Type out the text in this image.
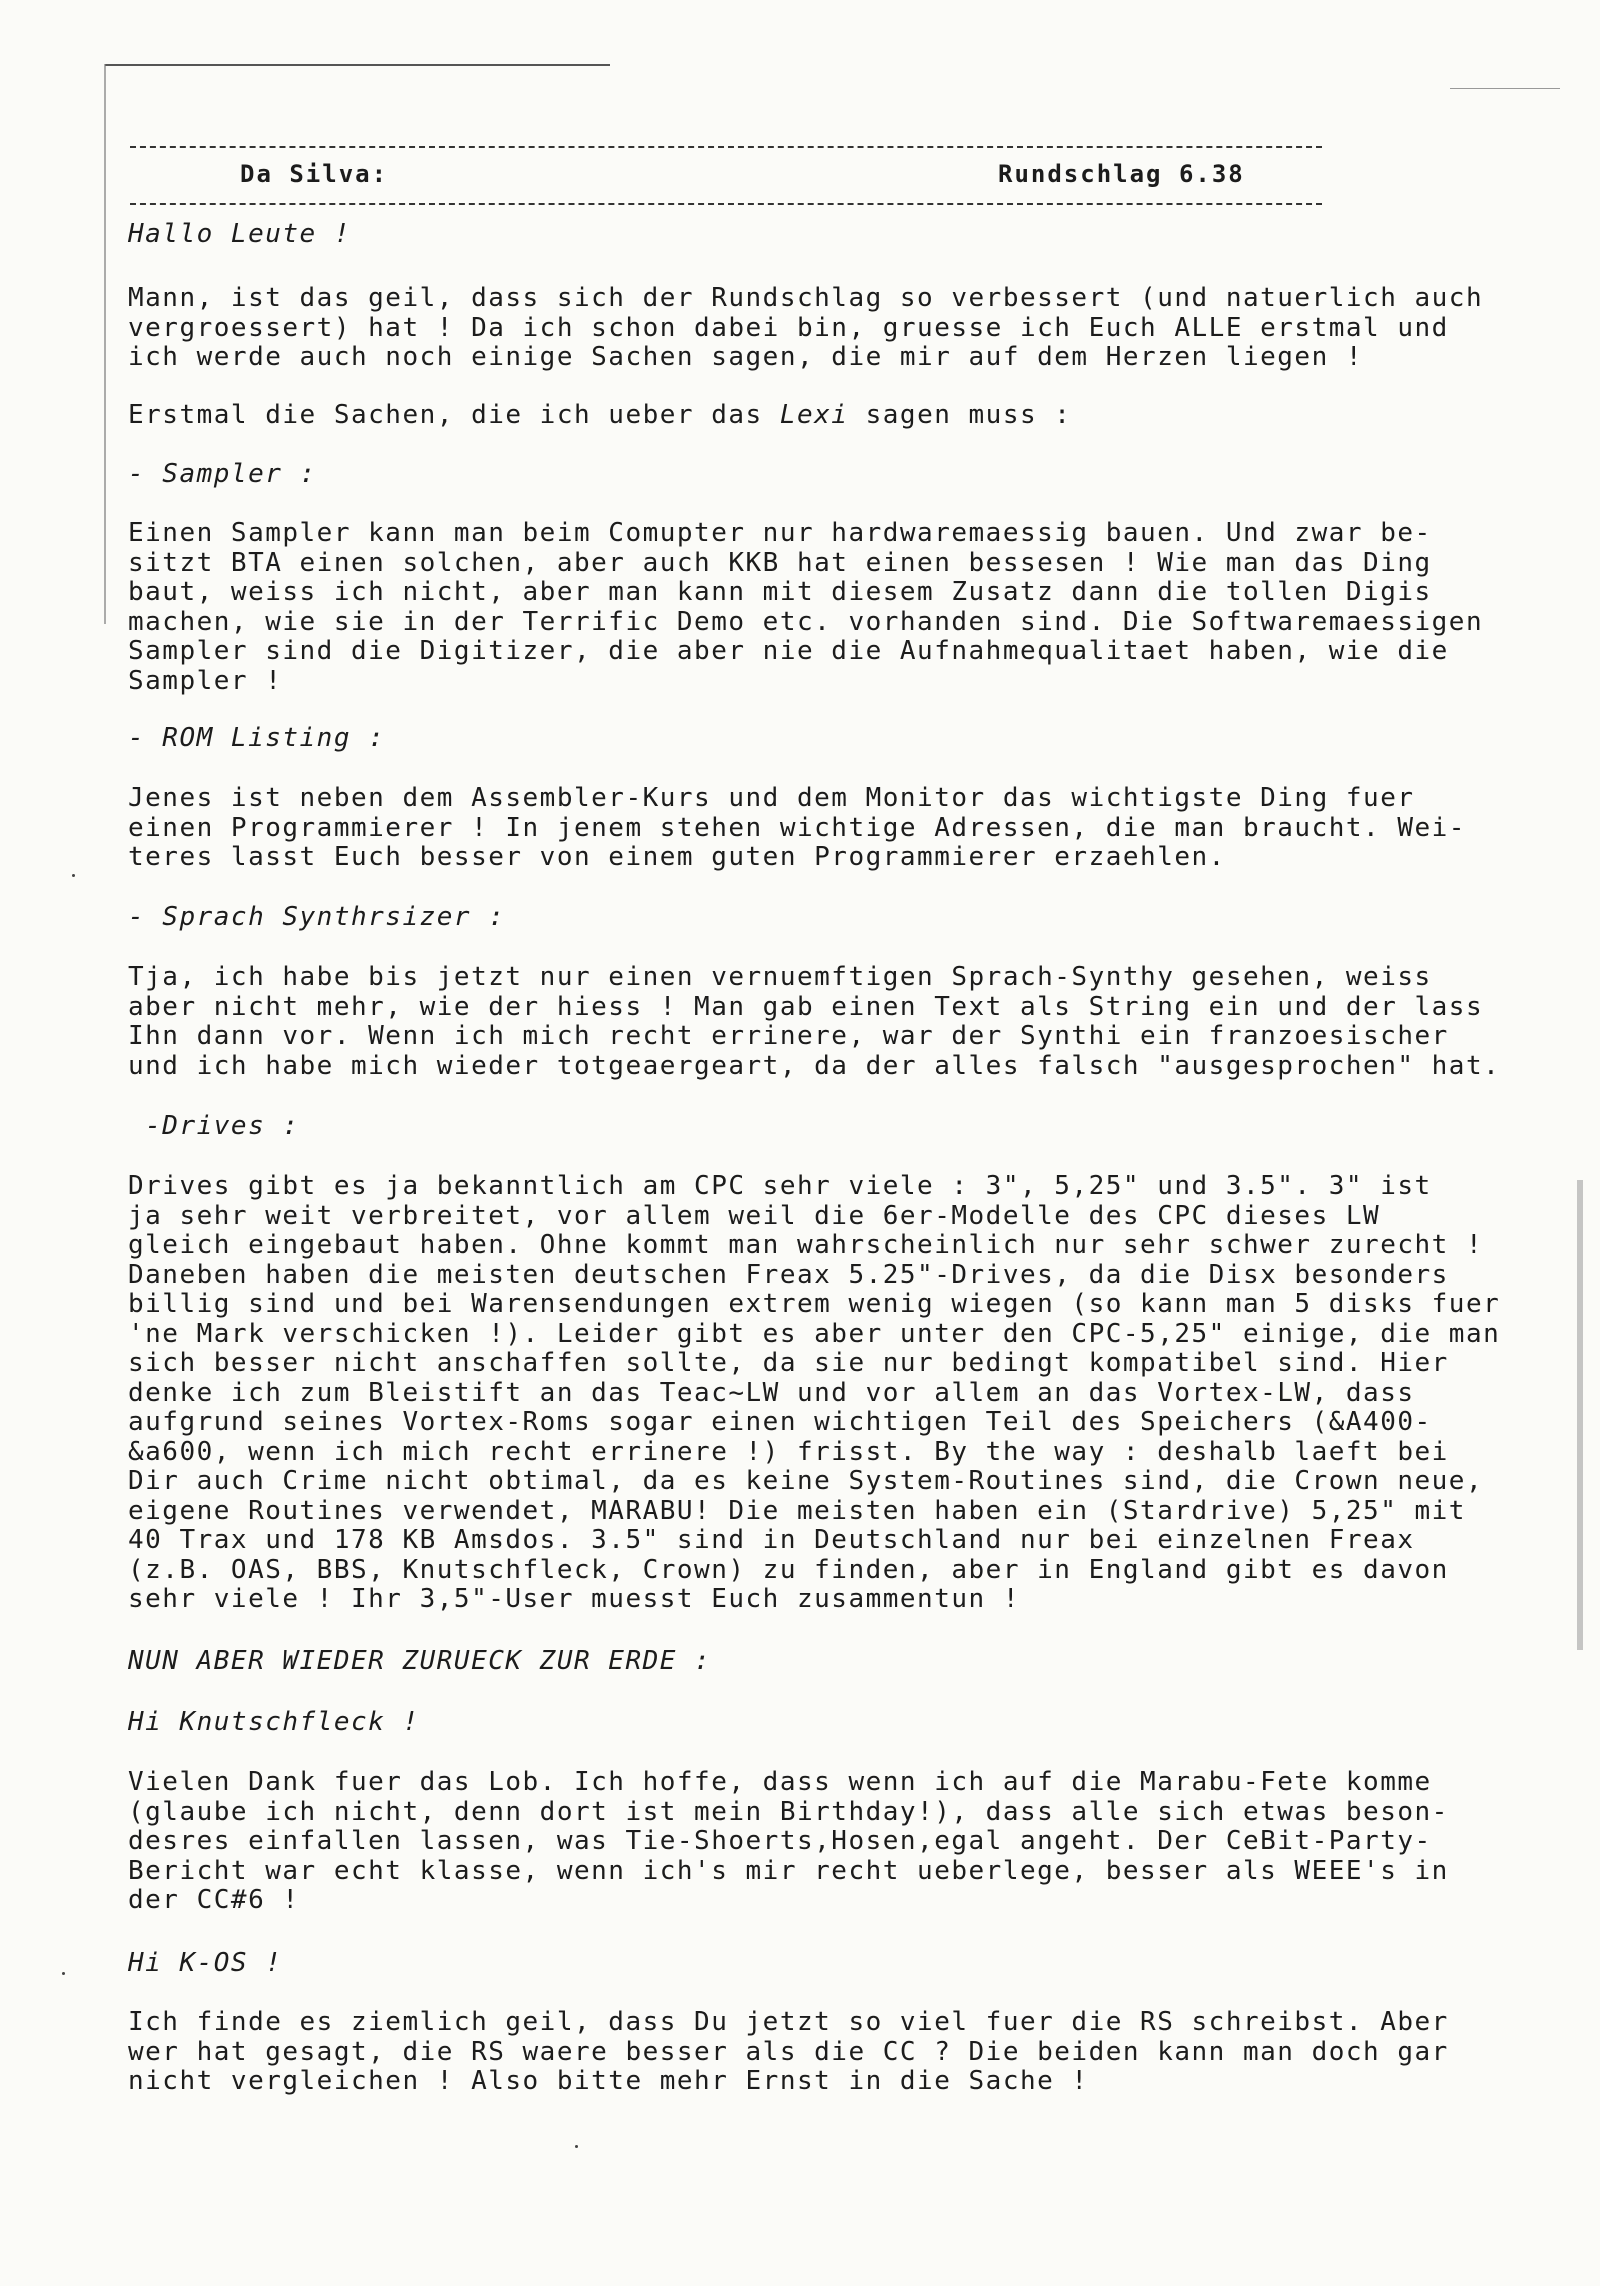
Da Silva:	Rundschlag 6.38
Hallo Leute !
Mann, ist das geil, dass sich der Rundschlag so verbessert (und natuerlich auch
vergroessert) hat ! Da ich schon dabei bin, gruesse ich Euch ALLE erstmal und
ich werde auch noch einige Sachen sagen, die mir auf dem Herzen liegen !
Erstmal die Sachen, die ich ueber das Lexi sagen muss :
- Sampler :
Einen Sampler kann man beim Comupter nur hardwaremaessig bauen. Und zwar be-
sitzt BTA einen solchen, aber auch KKB hat einen bessesen ! Wie man das Ding
baut, weiss ich nicht, aber man kann mit diesem Zusatz dann die tollen Digis
machen, wie sie in der Terrific Demo etc. vorhanden sind. Die Softwaremaessigen
Sampler sind die Digitizer, die aber nie die Aufnahmequalitaet haben, wie die
Sampler !
- ROM Listing :
Jenes ist neben dem Assembler-Kurs und dem Monitor das wichtigste Ding fuer
einen Programmierer ! In jenem stehen wichtige Adressen, die man braucht. Wei-
teres lasst Euch besser von einem guten Programmierer erzaehlen.
- Sprach Synthrsizer :
Tja, ich habe bis jetzt nur einen vernuemftigen Sprach-Synthy gesehen, weiss
aber nicht mehr, wie der hiess ! Man gab einen Text als String ein und der lass
Ihn dann vor. Wenn ich mich recht errinere, war der Synthi ein franzoesischer
und ich habe mich wieder totgeaergeart, da der alles falsch "ausgesprochen" hat.
-Drives :
Drives gibt es ja bekanntlich am CPC sehr viele : 3", 5,25" und 3.5". 3" ist
ja sehr weit verbreitet, vor allem weil die 6er-Modelle des CPC dieses LW
gleich eingebaut haben. Ohne kommt man wahrscheinlich nur sehr schwer zurecht !
Daneben haben die meisten deutschen Freax 5.25"-Drives, da die Disx besonders
billig sind und bei Warensendungen extrem wenig wiegen (so kann man 5 disks fuer
'ne Mark verschicken !). Leider gibt es aber unter den CPC-5,25" einige, die man
sich besser nicht anschaffen sollte, da sie nur bedingt kompatibel sind. Hier
denke ich zum Bleistift an das Teac~LW und vor allem an das Vortex-LW, dass
aufgrund seines Vortex-Roms sogar einen wichtigen Teil des Speichers (&A400-
&a600, wenn ich mich recht errinere !) frisst. By the way : deshalb laeft bei
Dir auch Crime nicht obtimal, da es keine System-Routines sind, die Crown neue,
eigene Routines verwendet, MARABU! Die meisten haben ein (Stardrive) 5,25" mit
40 Trax und 178 KB Amsdos. 3.5" sind in Deutschland nur bei einzelnen Freax
(z.B. OAS, BBS, Knutschfleck, Crown) zu finden, aber in England gibt es davon
sehr viele ! Ihr 3,5"-User muesst Euch zusammentun !
NUN ABER WIEDER ZURUECK ZUR ERDE :
Hi Knutschfleck !
Vielen Dank fuer das Lob. Ich hoffe, dass wenn ich auf die Marabu-Fete komme
(glaube ich nicht, denn dort ist mein Birthday!), dass alle sich etwas beson-
desres einfallen lassen, was Tie-Shoerts,Hosen,egal angeht. Der CeBit-Party-
Bericht war echt klasse, wenn ich's mir recht ueberlege, besser als WEEE's in
der CC#6 !
Hi K-OS !
Ich finde es ziemlich geil, dass Du jetzt so viel fuer die RS schreibst. Aber
wer hat gesagt, die RS waere besser als die CC ? Die beiden kann man doch gar
nicht vergleichen ! Also bitte mehr Ernst in die Sache !
